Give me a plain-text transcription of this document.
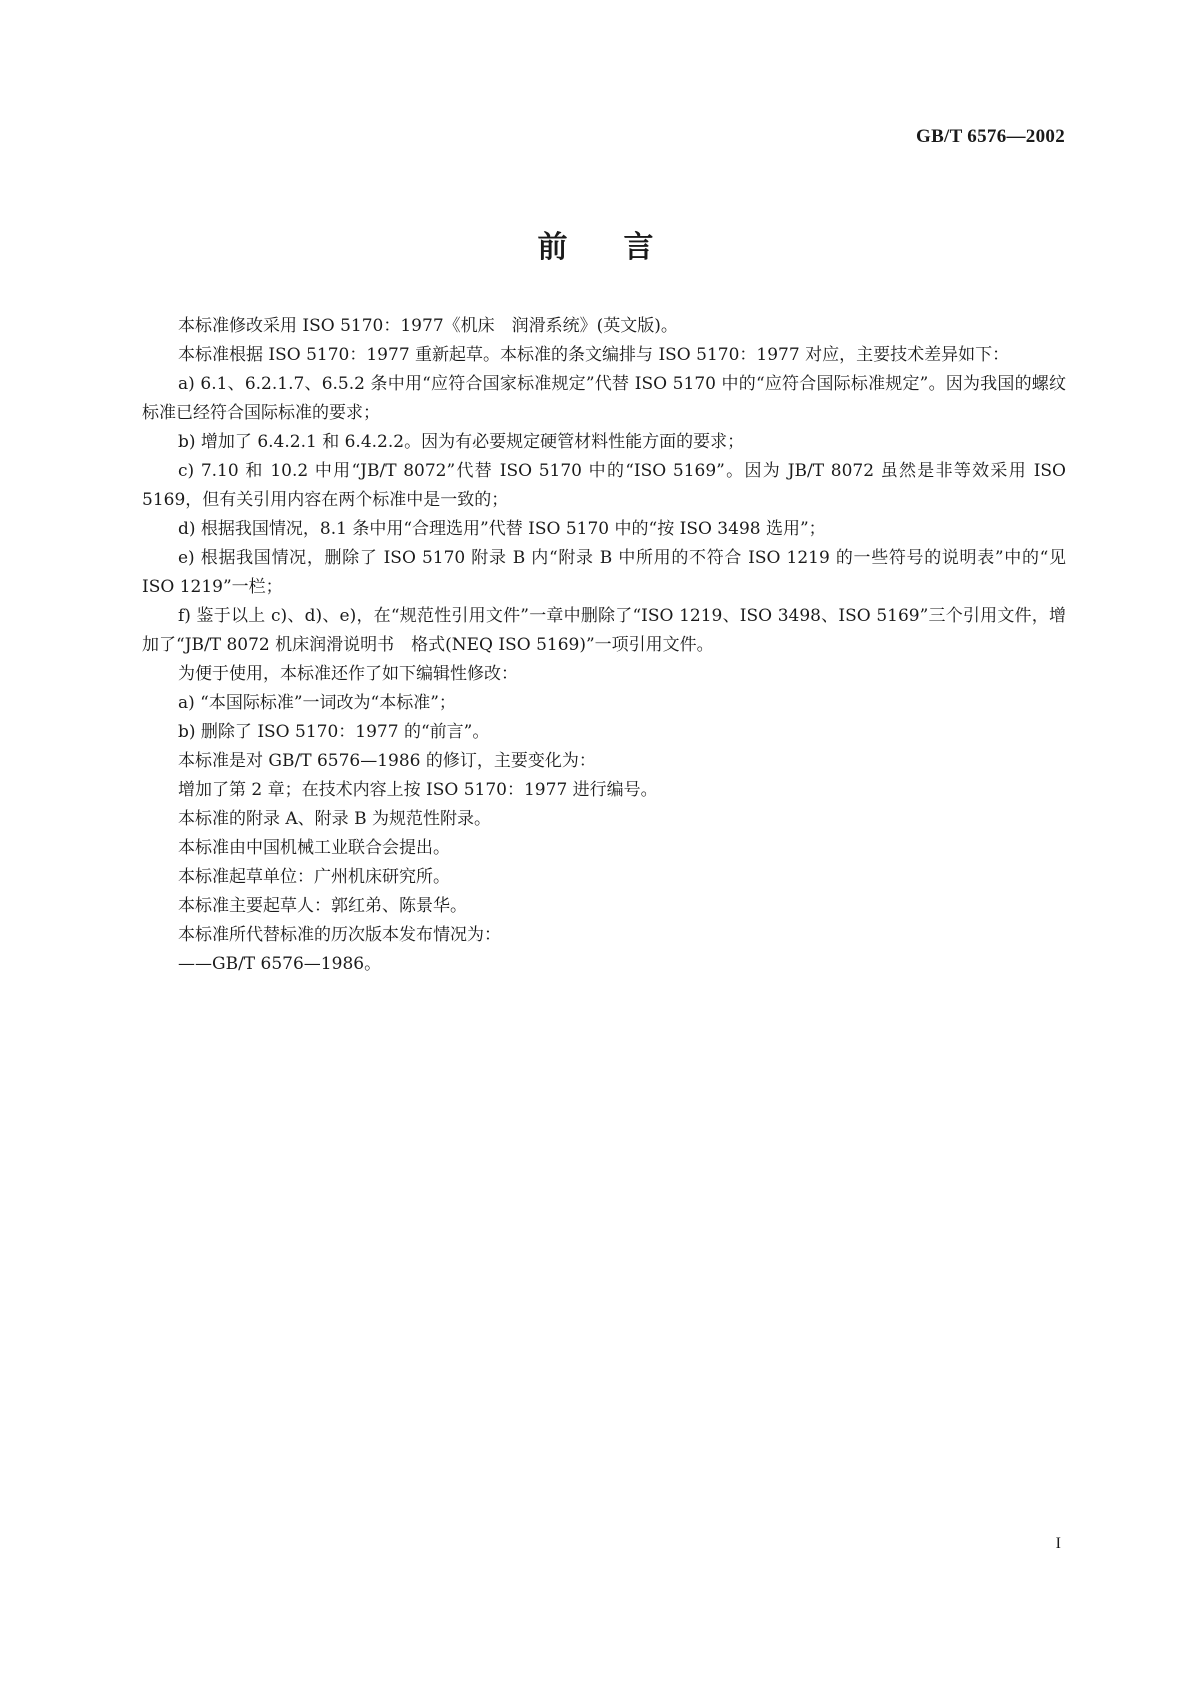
GB/T 6576—2002
前言

本标准修改采用 ISO 5170：1977《机床　润滑系统》(英文版)。

本标准根据 ISO 5170：1977 重新起草。本标准的条文编排与 ISO 5170：1977 对应，主要技术差异如下：

a) 6.1、6.2.1.7、6.5.2 条中用“应符合国家标准规定”代替 ISO 5170 中的“应符合国际标准规定”。因为我国的螺纹标准已经符合国际标准的要求；

b) 增加了 6.4.2.1 和 6.4.2.2。因为有必要规定硬管材料性能方面的要求；

c) 7.10 和 10.2 中用“JB/T 8072”代替 ISO 5170 中的“ISO 5169”。因为 JB/T 8072 虽然是非等效采用 ISO 5169，但有关引用内容在两个标准中是一致的；

d) 根据我国情况，8.1 条中用“合理选用”代替 ISO 5170 中的“按 ISO 3498 选用”；

e) 根据我国情况，删除了 ISO 5170 附录 B 内“附录 B 中所用的不符合 ISO 1219 的一些符号的说明表”中的“见 ISO 1219”一栏；

f) 鉴于以上 c)、d)、e)，在“规范性引用文件”一章中删除了“ISO 1219、ISO 3498、ISO 5169”三个引用文件，增加了“JB/T 8072 机床润滑说明书　格式(NEQ ISO 5169)”一项引用文件。

为便于使用，本标准还作了如下编辑性修改：

a) “本国际标准”一词改为“本标准”；

b) 删除了 ISO 5170：1977 的“前言”。

本标准是对 GB/T 6576—1986 的修订，主要变化为：

增加了第 2 章；在技术内容上按 ISO 5170：1977 进行编号。

本标准的附录 A、附录 B 为规范性附录。

本标准由中国机械工业联合会提出。

本标准起草单位：广州机床研究所。

本标准主要起草人：郭红弟、陈景华。

本标准所代替标准的历次版本发布情况为：

——GB/T 6576—1986。

I
